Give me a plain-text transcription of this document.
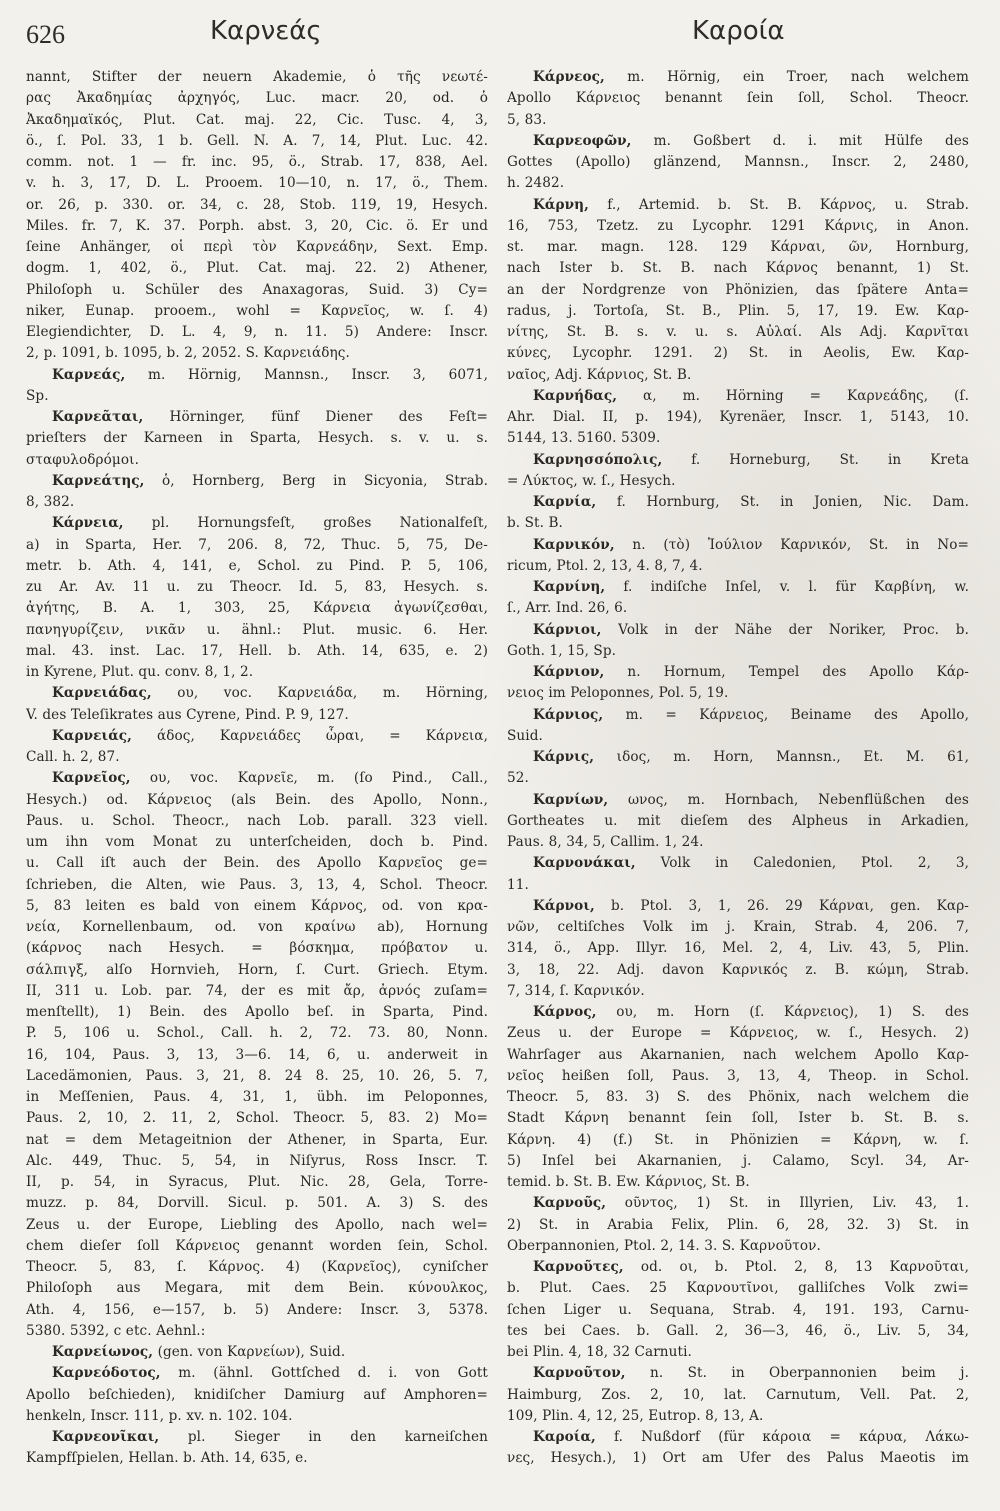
626	Καρνεάς	Καροία
nannt, Stifter der neuern Akademie, ὁ τῆς νεωτέ-
ρας Ἀκαδημίας ἀρχηγός, Luc. macr. 20, od. ὁ
Ἀκαδημαϊκός, Plut. Cat. maj. 22, Cic. Tusc. 4, 3,
ö., ſ. Pol. 33, 1 b. Gell. N. A. 7, 14, Plut. Luc. 42.
comm. not. 1 — fr. inc. 95, ö., Strab. 17, 838, Ael.
v. h. 3, 17, D. L. Prooem. 10—10, n. 17, ö., Them.
or. 26, p. 330. or. 34, c. 28, Stob. 119, 19, Hesych.
Miles. fr. 7, K. 37. Porph. abst. 3, 20, Cic. ö. Er und
ſeine Anhänger, οἱ περὶ τὸν Καρνεάδην, Sext. Emp.
dogm. 1, 402, ö., Plut. Cat. maj. 22. 2) Athener,
Philoſoph u. Schüler des Anaxagoras, Suid. 3) Cy=
niker, Eunap. prooem., wohl = Καρνεῖος, w. ſ. 4)
Elegiendichter, D. L. 4, 9, n. 11. 5) Andere: Inscr.
2, p. 1091, b. 1095, b. 2, 2052. S. Καρνειάδης.
Καρνεάς, m. Hörnig, Mannsn., Inscr. 3, 6071,
Sp.
Καρνεᾶται, Hörninger, fünf Diener des Feſt=
prieſters der Karneen in Sparta, Hesych. s. v. u. s.
σταφυλοδρόμοι.
Καρνεάτης, ὁ, Hornberg, Berg in Sicyonia, Strab.
8, 382.
Κάρνεια, pl. Hornungsfeſt, großes Nationalfeſt,
a) in Sparta, Her. 7, 206. 8, 72, Thuc. 5, 75, De-
metr. b. Ath. 4, 141, e, Schol. zu Pind. P. 5, 106,
zu Ar. Av. 11 u. zu Theocr. Id. 5, 83, Hesych. s.
ἀγήτης, B. A. 1, 303, 25, Κάρνεια ἀγωνίζεσθαι,
πανηγυρίζειν, νικᾶν u. ähnl.: Plut. music. 6. Her.
mal. 43. inst. Lac. 17, Hell. b. Ath. 14, 635, e. 2)
in Kyrene, Plut. qu. conv. 8, 1, 2.
Καρνειάδας, ου, voc. Καρνειάδα, m. Hörning,
V. des Teleſikrates aus Cyrene, Pind. P. 9, 127.
Καρνειάς, άδος, Καρνειάδες ὧραι, = Κάρνεια,
Call. h. 2, 87.
Καρνεῖος, ου, voc. Καρνεῖε, m. (ſo Pind., Call.,
Hesych.) od. Κάρνειος (als Bein. des Apollo, Nonn.,
Paus. u. Schol. Theocr., nach Lob. parall. 323 viell.
um ihn vom Monat zu unterſcheiden, doch b. Pind.
u. Call iſt auch der Bein. des Apollo Καρνεῖος ge=
ſchrieben, die Alten, wie Paus. 3, 13, 4, Schol. Theocr.
5, 83 leiten es bald von einem Κάρνος, od. von κρα-
νεία, Kornellenbaum, od. von κραίνω ab), Hornung
(κάρνος nach Hesych. = βόσκημα, πρόβατον u.
σάλπιγξ, alſo Hornvieh, Horn, ſ. Curt. Griech. Etym.
II, 311 u. Lob. par. 74, der es mit ἄρ, ἀρνός zuſam=
menſtellt), 1) Bein. des Apollo beſ. in Sparta, Pind.
P. 5, 106 u. Schol., Call. h. 2, 72. 73. 80, Nonn.
16, 104, Paus. 3, 13, 3—6. 14, 6, u. anderweit in
Lacedämonien, Paus. 3, 21, 8. 24 8. 25, 10. 26, 5. 7,
in Meſſenien, Paus. 4, 31, 1, übh. im Peloponnes,
Paus. 2, 10, 2. 11, 2, Schol. Theocr. 5, 83. 2) Mo=
nat = dem Metageitnion der Athener, in Sparta, Eur.
Alc. 449, Thuc. 5, 54, in Niſyrus, Ross Inscr. T.
II, p. 54, in Syracus, Plut. Nic. 28, Gela, Torre-
muzz. p. 84, Dorvill. Sicul. p. 501. A. 3) S. des
Zeus u. der Europe, Liebling des Apollo, nach wel=
chem dieſer ſoll Κάρνειος genannt worden ſein, Schol.
Theocr. 5, 83, ſ. Κάρνος. 4) (Καρνεῖος), cyniſcher
Philoſoph aus Megara, mit dem Bein. κύνουλκος,
Ath. 4, 156, e—157, b. 5) Andere: Inscr. 3, 5378.
5380. 5392, c etc. Aehnl.:
Καρνείωνος, (gen. von Καρνείων), Suid.
Καρνεόδοτος, m. (ähnl. Gottſched d. i. von Gott
Apollo beſchieden), knidiſcher Damiurg auf Amphoren=
henkeln, Inscr. 111, p. xv. n. 102. 104.
Καρνεονῖκαι, pl. Sieger in den karneiſchen
Kampfſpielen, Hellan. b. Ath. 14, 635, e.
Κάρνεος, m. Hörnig, ein Troer, nach welchem
Apollo Κάρνειος benannt ſein ſoll, Schol. Theocr.
5, 83.
Καρνεοφῶν, m. Goßbert d. i. mit Hülfe des
Gottes (Apollo) glänzend, Mannsn., Inscr. 2, 2480,
h. 2482.
Κάρνη, f., Artemid. b. St. B. Κάρνος, u. Strab.
16, 753, Tzetz. zu Lycophr. 1291 Κάρνις, in Anon.
st. mar. magn. 128. 129 Κάρναι, ῶν, Hornburg,
nach Ister b. St. B. nach Κάρνος benannt, 1) St.
an der Nordgrenze von Phönizien, das ſpätere Anta=
radus, j. Tortoſa, St. B., Plin. 5, 17, 19. Ew. Καρ-
νίτης, St. B. s. v. u. s. Αὐλαί. Als Adj. Καρνῖται
κύνες, Lycophr. 1291. 2) St. in Aeolis, Ew. Καρ-
ναῖος, Adj. Κάρνιος, St. B.
Καρνήδας, α, m. Hörning = Καρνεάδης, (ſ.
Ahr. Dial. II, p. 194), Kyrenäer, Inscr. 1, 5143, 10.
5144, 13. 5160. 5309.
Καρνησσόπολις, f. Horneburg, St. in Kreta
= Λύκτος, w. ſ., Hesych.
Καρνία, f. Hornburg, St. in Jonien, Nic. Dam.
b. St. B.
Καρνικόν, n. (τὸ) Ἰούλιον Καρνικόν, St. in No=
ricum, Ptol. 2, 13, 4. 8, 7, 4.
Καρνίνη, f. indiſche Inſel, v. l. für Καρβίνη, w.
ſ., Arr. Ind. 26, 6.
Κάρνιοι, Volk in der Nähe der Noriker, Proc. b.
Goth. 1, 15, Sp.
Κάρνιον, n. Hornum, Tempel des Apollo Κάρ-
νειος im Peloponnes, Pol. 5, 19.
Κάρνιος, m. = Κάρνειος, Beiname des Apollo,
Suid.
Κάρνις, ιδος, m. Horn, Mannsn., Et. M. 61,
52.
Καρνίων, ωνος, m. Hornbach, Nebenflüßchen des
Gortheates u. mit dieſem des Alpheus in Arkadien,
Paus. 8, 34, 5, Callim. 1, 24.
Καρνονάκαι, Volk in Caledonien, Ptol. 2, 3,
11.
Κάρνοι, b. Ptol. 3, 1, 26. 29 Κάρναι, gen. Καρ-
νῶν, celtiſches Volk im j. Krain, Strab. 4, 206. 7,
314, ö., App. Illyr. 16, Mel. 2, 4, Liv. 43, 5, Plin.
3, 18, 22. Adj. davon Καρνικός z. B. κώμη, Strab.
7, 314, ſ. Καρνικόν.
Κάρνος, ου, m. Horn (ſ. Κάρνειος), 1) S. des
Zeus u. der Europe = Κάρνειος, w. ſ., Hesych. 2)
Wahrſager aus Akarnanien, nach welchem Apollo Καρ-
νεῖος heißen ſoll, Paus. 3, 13, 4, Theop. in Schol.
Theocr. 5, 83. 3) S. des Phönix, nach welchem die
Stadt Κάρνη benannt ſein ſoll, Ister b. St. B. s.
Κάρνη. 4) (f.) St. in Phönizien = Κάρνη, w. ſ.
5) Inſel bei Akarnanien, j. Calamo, Scyl. 34, Ar-
temid. b. St. B. Ew. Κάρνιος, St. B.
Καρνοῦς, οῦντος, 1) St. in Illyrien, Liv. 43, 1.
2) St. in Arabia Felix, Plin. 6, 28, 32. 3) St. in
Oberpannonien, Ptol. 2, 14. 3. S. Καρνοῦτον.
Καρνοῦτες, od. οι, b. Ptol. 2, 8, 13 Καρνοῦται,
b. Plut. Caes. 25 Καρνουτῖνοι, galliſches Volk zwi=
ſchen Liger u. Sequana, Strab. 4, 191. 193, Carnu-
tes bei Caes. b. Gall. 2, 36—3, 46, ö., Liv. 5, 34,
bei Plin. 4, 18, 32 Carnuti.
Καρνοῦτον, n. St. in Oberpannonien beim j.
Haimburg, Zos. 2, 10, lat. Carnutum, Vell. Pat. 2,
109, Plin. 4, 12, 25, Eutrop. 8, 13, A.
Καροία, f. Nußdorf (für κάροια = κάρυα, Λάκω-
νες, Hesych.), 1) Ort am Ufer des Palus Maeotis im
